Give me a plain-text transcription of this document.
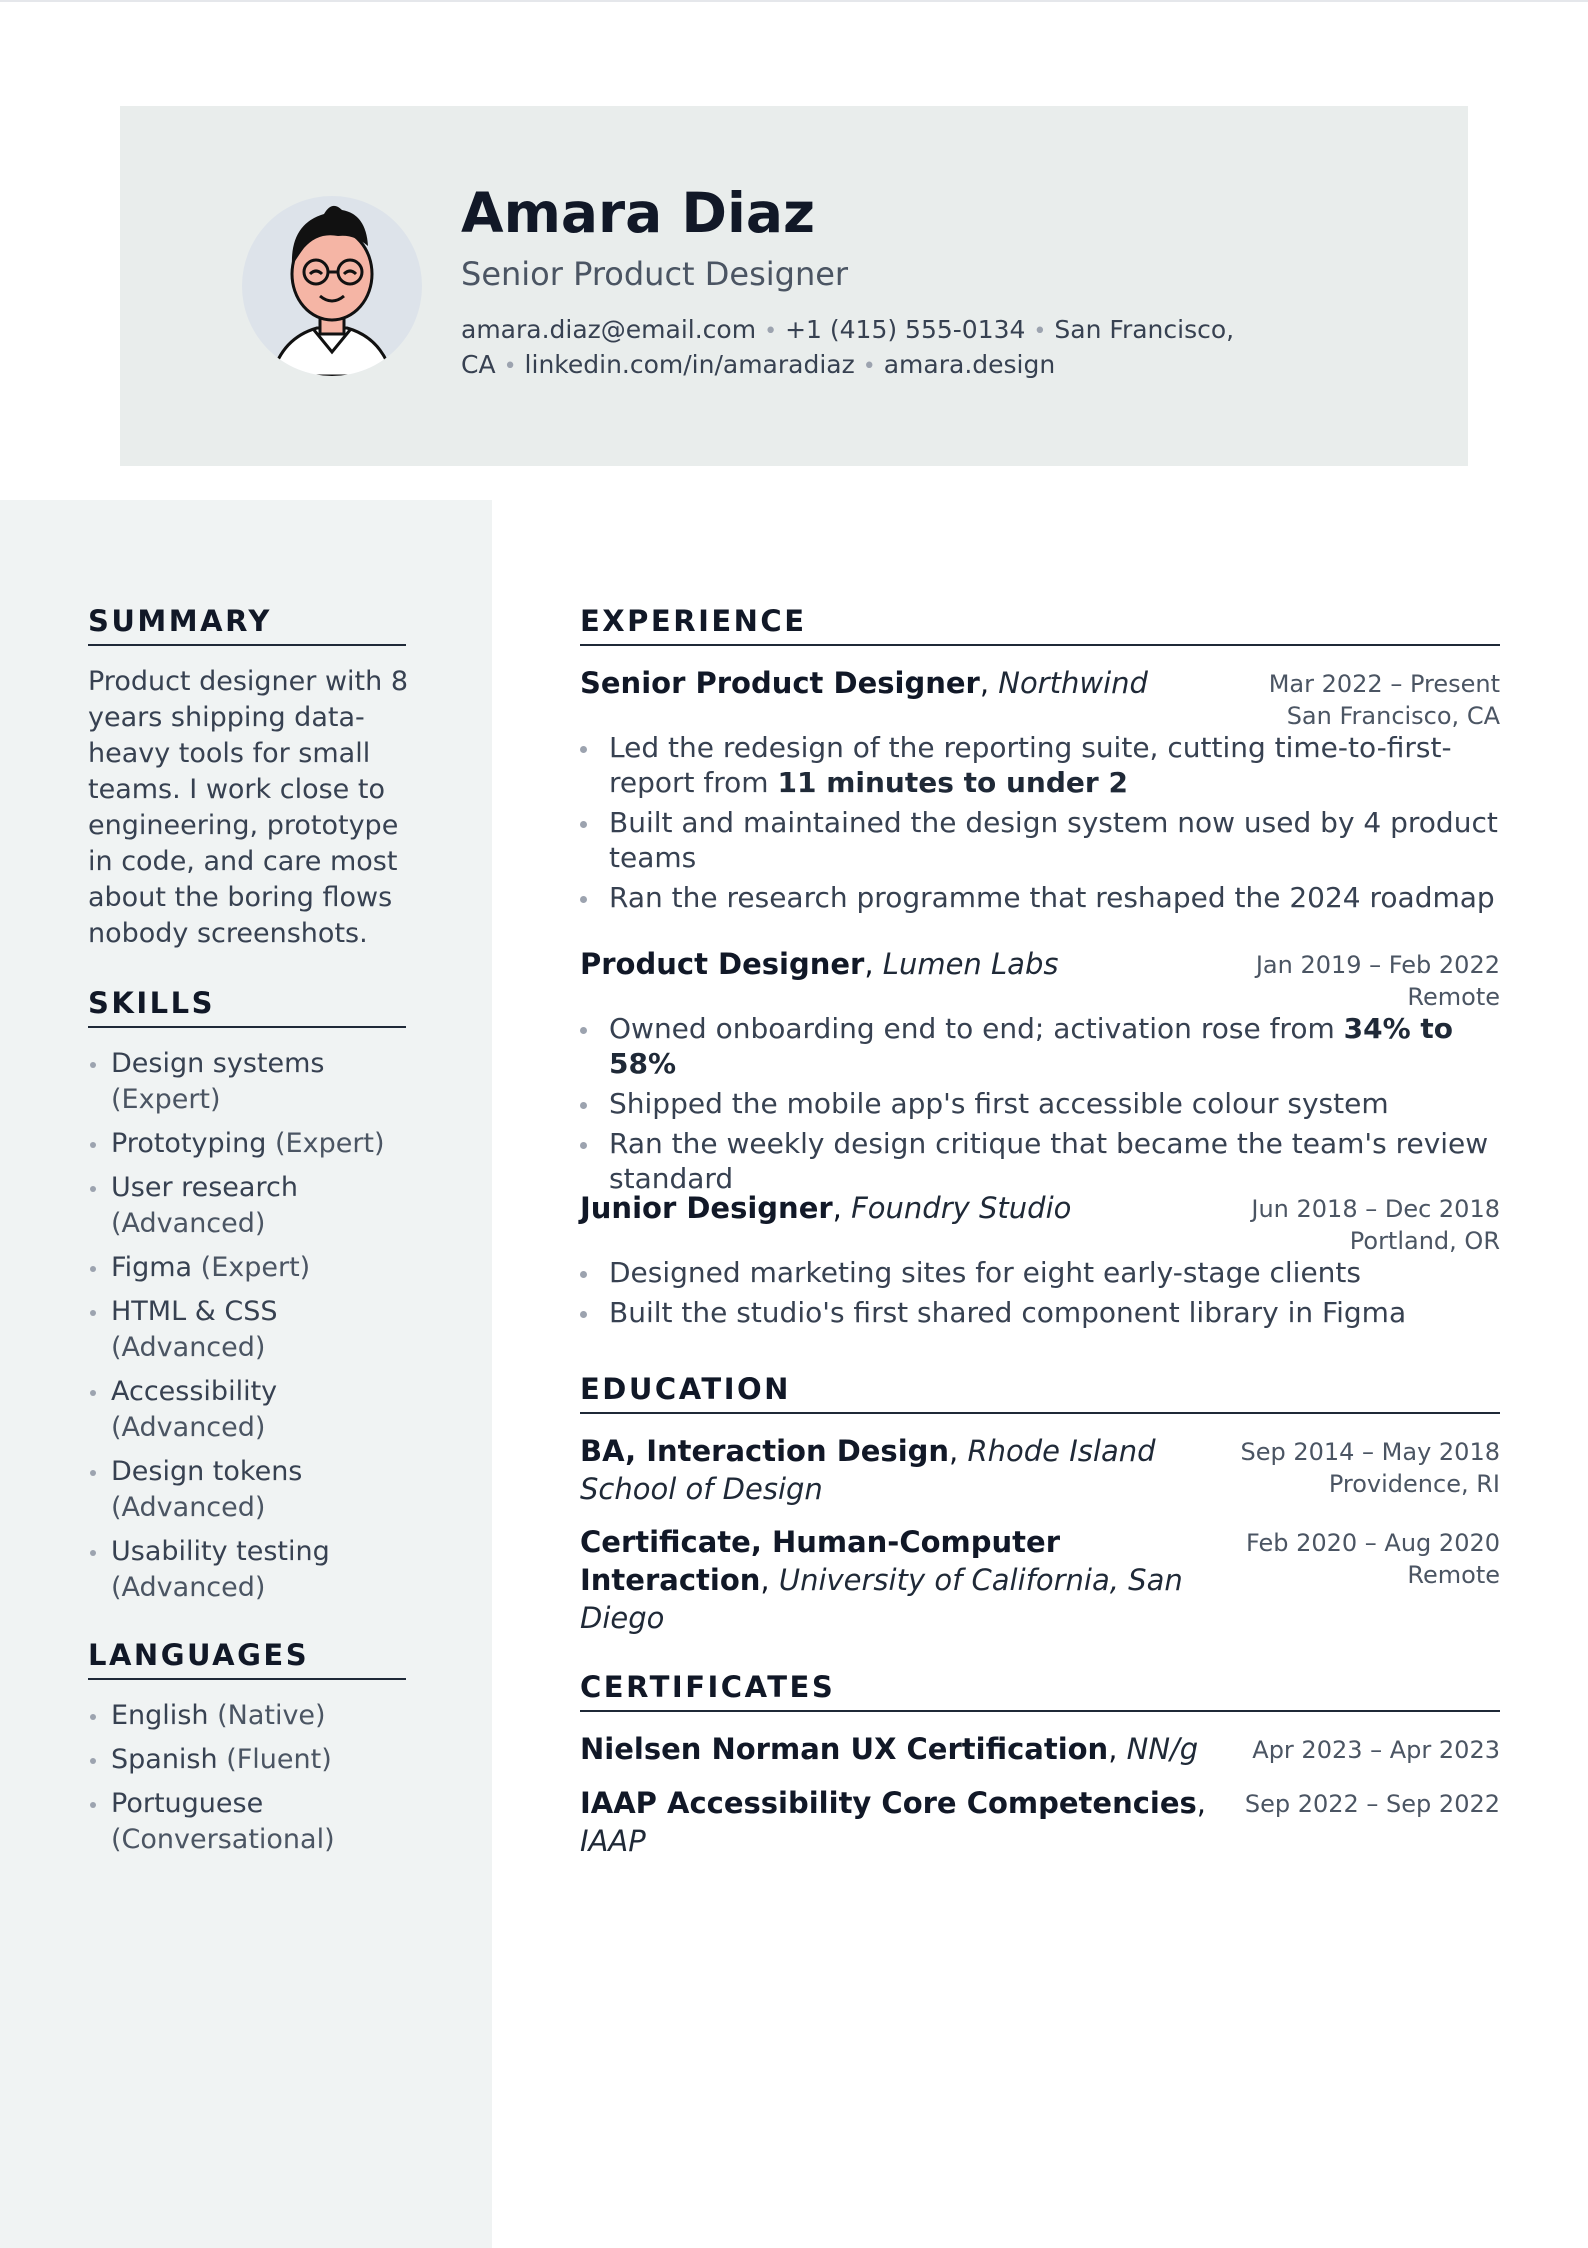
Amara Diaz
Senior Product Designer
amara.diaz@email.com • +1 (415) 555-0134 • San Francisco, CA • linkedin.com/in/amaradiaz • amara.design
SUMMARY
Product designer with 8 years shipping data-heavy tools for small teams. I work close to engineering, prototype in code, and care most about the boring flows nobody screenshots.
SKILLS
Design systems (Expert)
Prototyping (Expert)
User research (Advanced)
Figma (Expert)
HTML & CSS (Advanced)
Accessibility (Advanced)
Design tokens (Advanced)
Usability testing (Advanced)
LANGUAGES
English (Native)
Spanish (Fluent)
Portuguese (Conversational)
EXPERIENCE
Senior Product Designer, Northwind	Mar 2022 – Present
San Francisco, CA
Led the redesign of the reporting suite, cutting time-to-first-report from 11 minutes to under 2
Built and maintained the design system now used by 4 product teams
Ran the research programme that reshaped the 2024 roadmap
Product Designer, Lumen Labs	Jan 2019 – Feb 2022
Remote
Owned onboarding end to end; activation rose from 34% to 58%
Shipped the mobile app's first accessible colour system
Ran the weekly design critique that became the team's review standard
Junior Designer, Foundry Studio	Jun 2018 – Dec 2018
Portland, OR
Designed marketing sites for eight early-stage clients
Built the studio's first shared component library in Figma
EDUCATION
BA, Interaction Design, Rhode Island School of Design
Sep 2014 – May 2018
Providence, RI
Certificate, Human-Computer Interaction, University of California, San Diego
Feb 2020 – Aug 2020
Remote
CERTIFICATES
Nielsen Norman UX Certification, NN/g	Apr 2023 – Apr 2023
IAAP Accessibility Core Competencies, IAAP
Sep 2022 – Sep 2022
